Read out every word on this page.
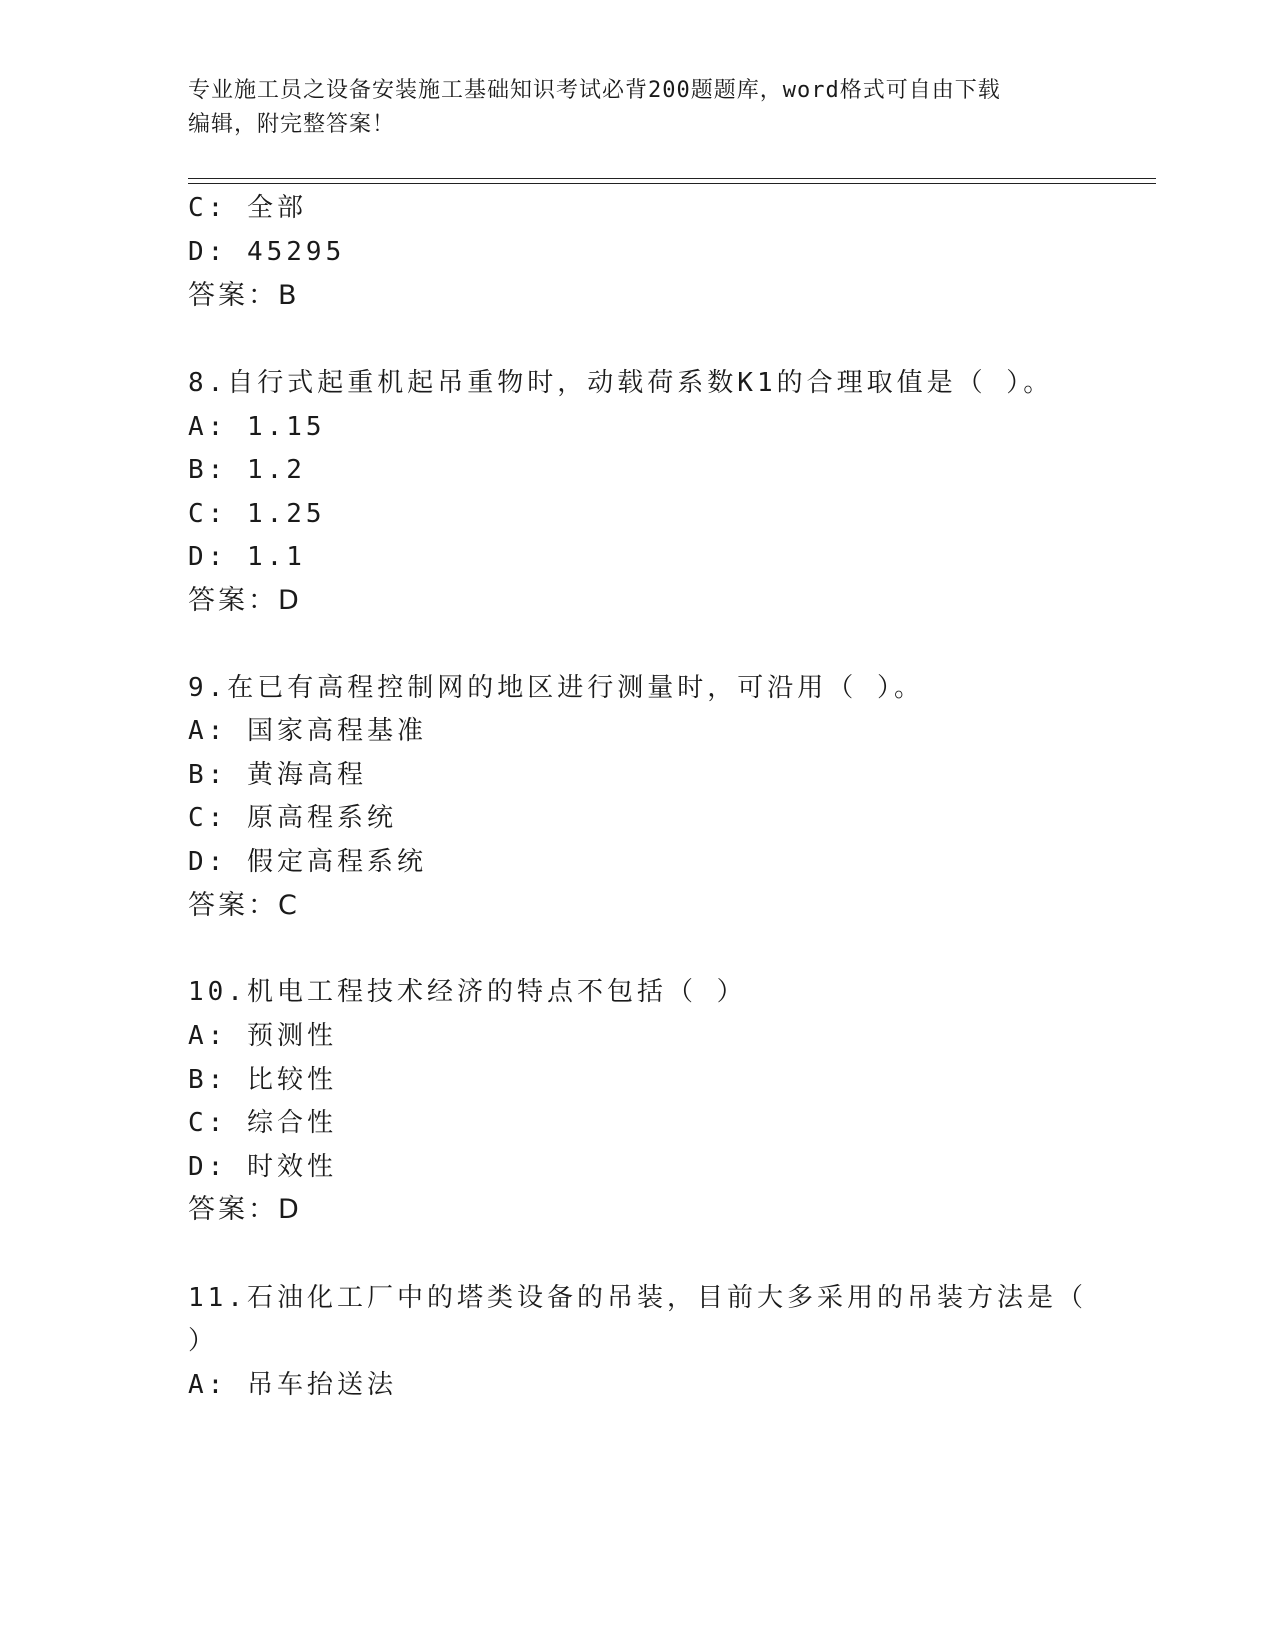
专业施工员之设备安装施工基础知识考试必背200题题库，word格式可自由下载
编辑，附完整答案！
C: 全部
D: 45295
答案：B
8.自行式起重机起吊重物时，动载荷系数K1的合理取值是（ ）。
A: 1.15
B: 1.2
C: 1.25
D: 1.1
答案：D
9.在已有高程控制网的地区进行测量时，可沿用（ ）。
A: 国家高程基准
B: 黄海高程
C: 原高程系统
D: 假定高程系统
答案：C
10.机电工程技术经济的特点不包括（ ）
A: 预测性
B: 比较性
C: 综合性
D: 时效性
答案：D
11.石油化工厂中的塔类设备的吊装，目前大多采用的吊装方法是（
）
A: 吊车抬送法
